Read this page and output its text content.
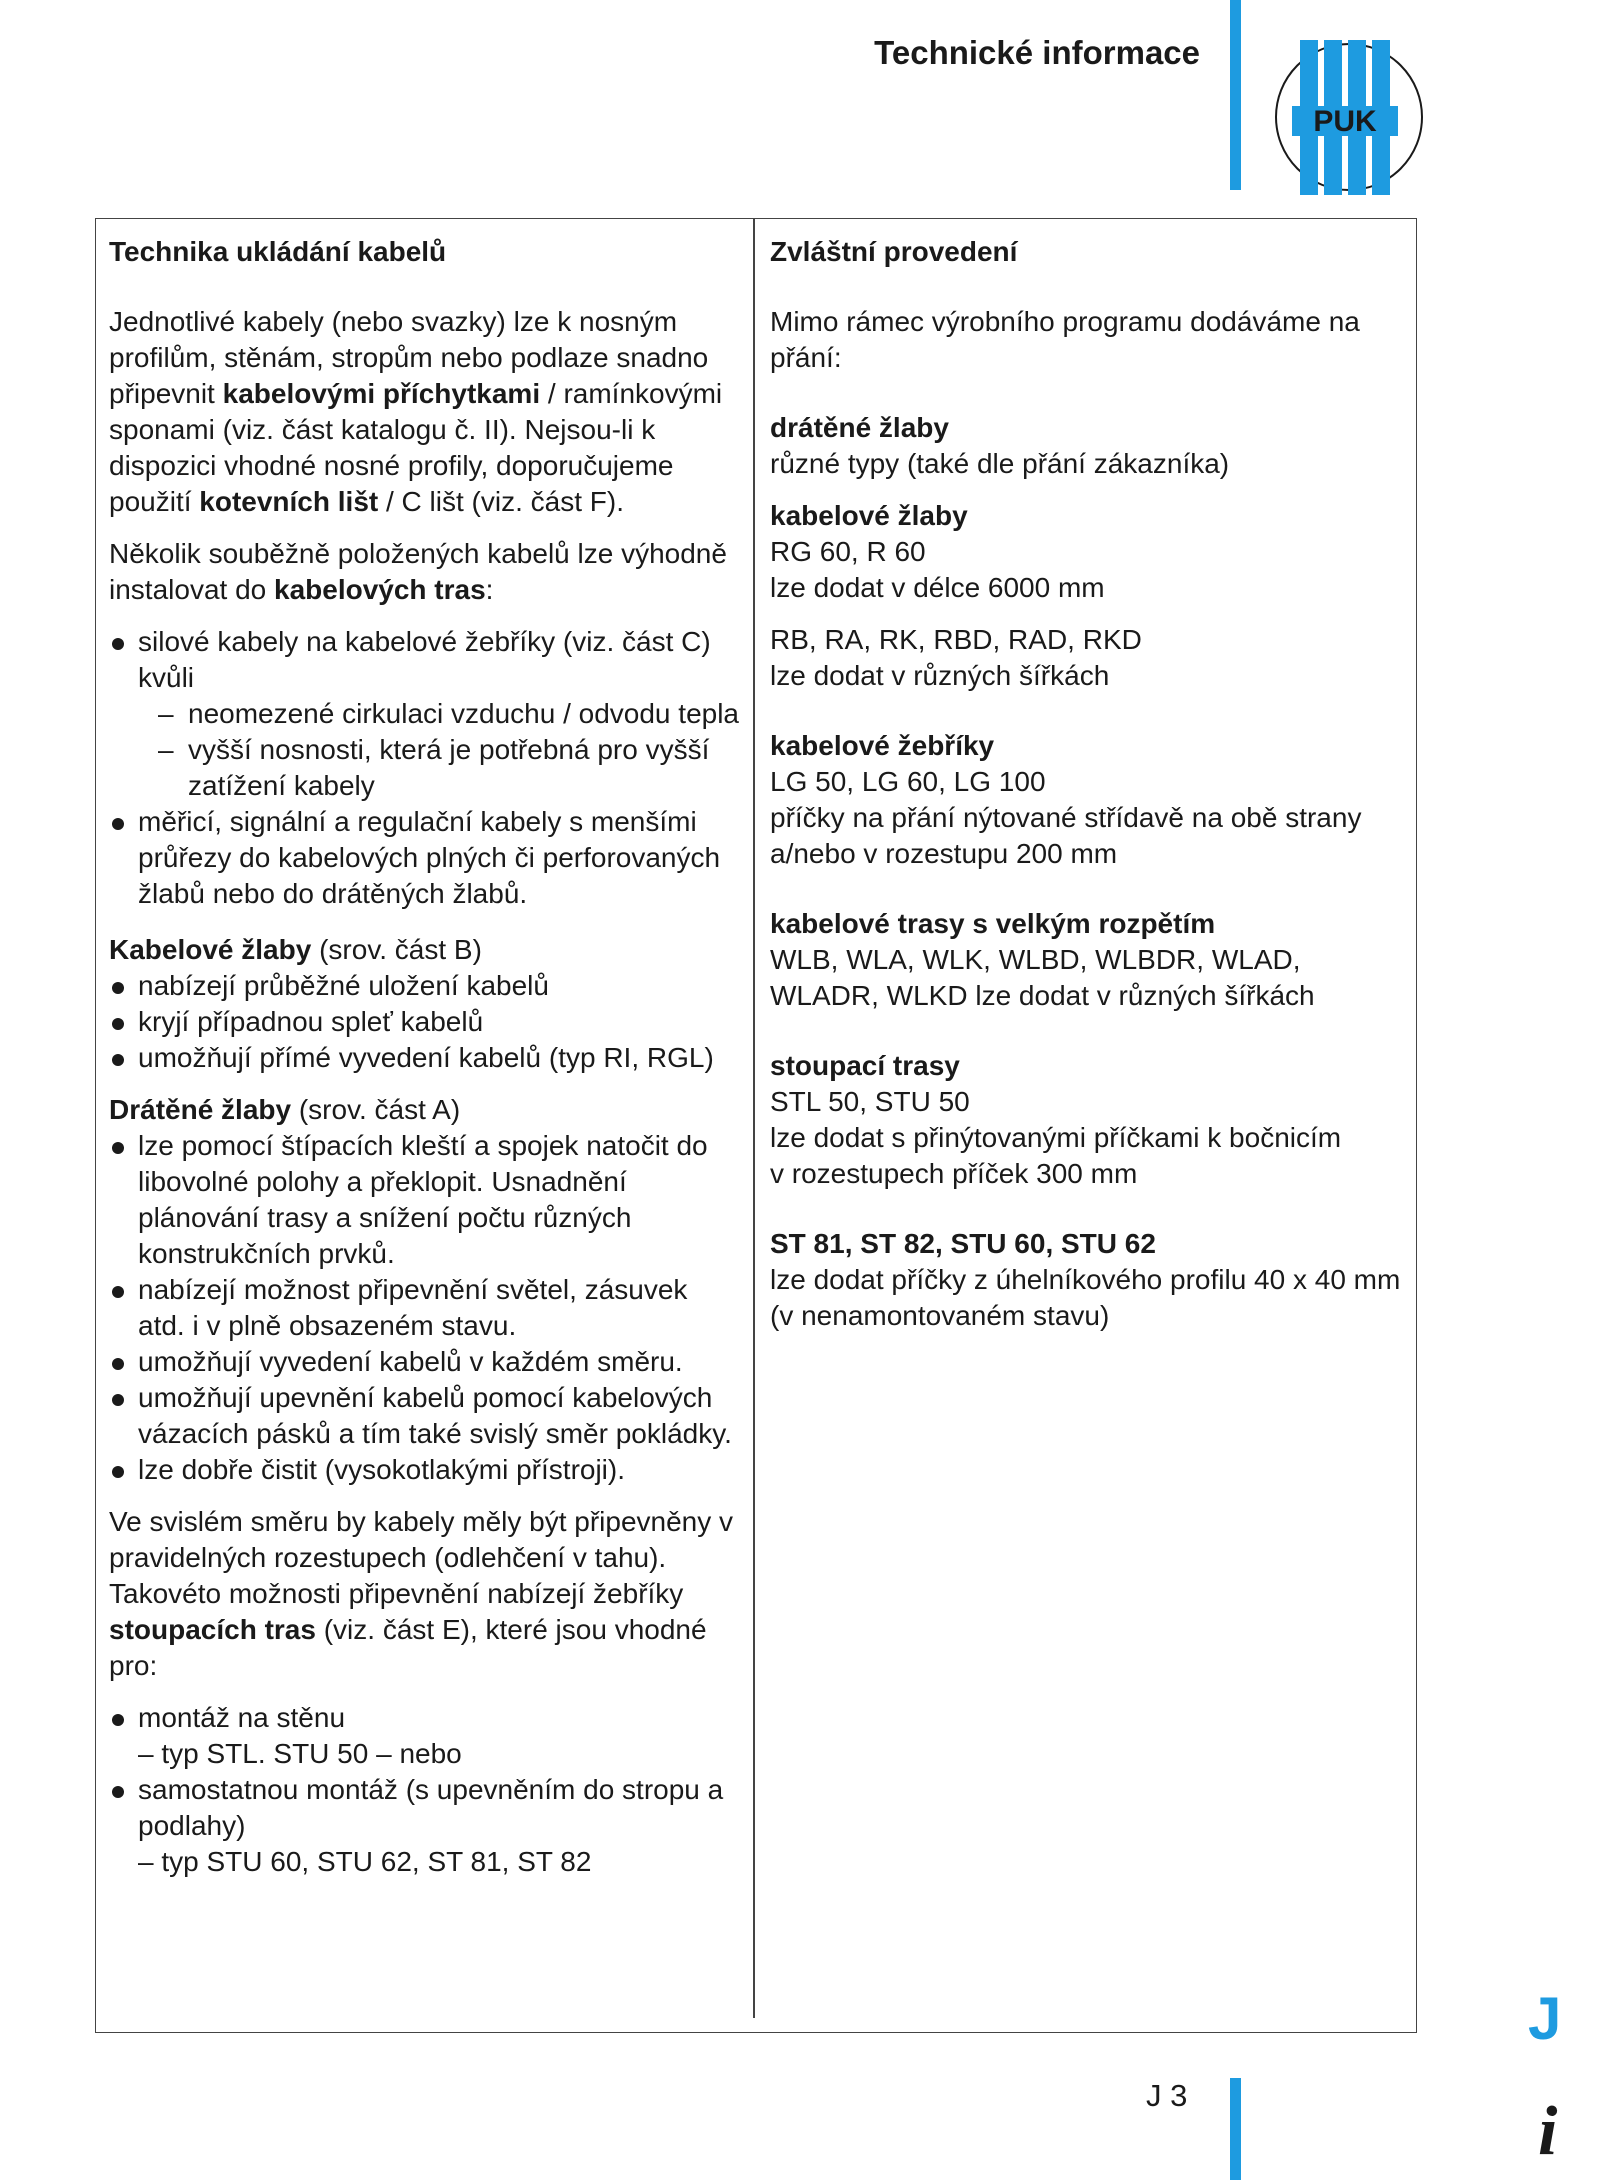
Technické informace
PUK
Technika ukládání kabelů

Jednotlivé kabely (nebo svazky) lze k nosným profilům, stěnám, stropům nebo podlaze snadno připevnit kabelovými příchytkami / ramínkovými sponami (viz. část katalogu č. II). Nejsou-li k dispozici vhodné nosné profily, doporučujeme použití kotevních lišt / C lišt (viz. část F).

Několik souběžně položených kabelů lze výhodně instalovat do kabelových tras:

silové kabely na kabelové žebříky (viz. část C) kvůli
– neomezené cirkulaci vzduchu / odvodu tepla
– vyšší nosnosti, která je potřebná pro vyšší zatížení kabely
měřicí, signální a regulační kabely s menšími průřezy do kabelových plných či perforovaných žlabů nebo do drátěných žlabů.
Kabelové žlaby (srov. část B)
nabízejí průběžné uložení kabelů
kryjí případnou spleť kabelů
umožňují přímé vyvedení kabelů (typ RI, RGL)
Drátěné žlaby (srov. část A)
lze pomocí štípacích kleští a spojek natočit do libovolné polohy a překlopit. Usnadnění plánování trasy a snížení počtu různých konstrukčních prvků.
nabízejí možnost připevnění světel, zásuvek atd. i v plně obsazeném stavu.
umožňují vyvedení kabelů v každém směru.
umožňují upevnění kabelů pomocí kabelových vázacích pásků a tím také svislý směr pokládky.
lze dobře čistit (vysokotlakými přístroji).

Ve svislém směru by kabely měly být připevněny v pravidelných rozestupech (odlehčení v tahu). Takovéto možnosti připevnění nabízejí žebříky stoupacích tras (viz. část E), které jsou vhodné pro:

montáž na stěnu
– typ STL. STU 50 – nebo
samostatnou montáž (s upevněním do stropu a podlahy)
– typ STU 60, STU 62, ST 81, ST 82
Zvláštní provedení

Mimo rámec výrobního programu dodáváme na přání:

drátěné žlaby
různé typy (také dle přání zákazníka)
kabelové žlaby
RG 60, R 60
lze dodat v délce 6000 mm
RB, RA, RK, RBD, RAD, RKD
lze dodat v různých šířkách
kabelové žebříky
LG 50, LG 60, LG 100
příčky na přání nýtované střídavě na obě strany a/nebo v rozestupu 200 mm
kabelové trasy s velkým rozpětím
WLB, WLA, WLK, WLBD, WLBDR, WLAD, WLADR, WLKD lze dodat v různých šířkách
stoupací trasy
STL 50, STU 50
lze dodat s přinýtovanými příčkami k bočnicím
v rozestupech příček 300 mm
ST 81, ST 82, STU 60, STU 62
lze dodat příčky z úhelníkového profilu 40 x 40 mm
(v nenamontovaném stavu)
J 3
J
i
